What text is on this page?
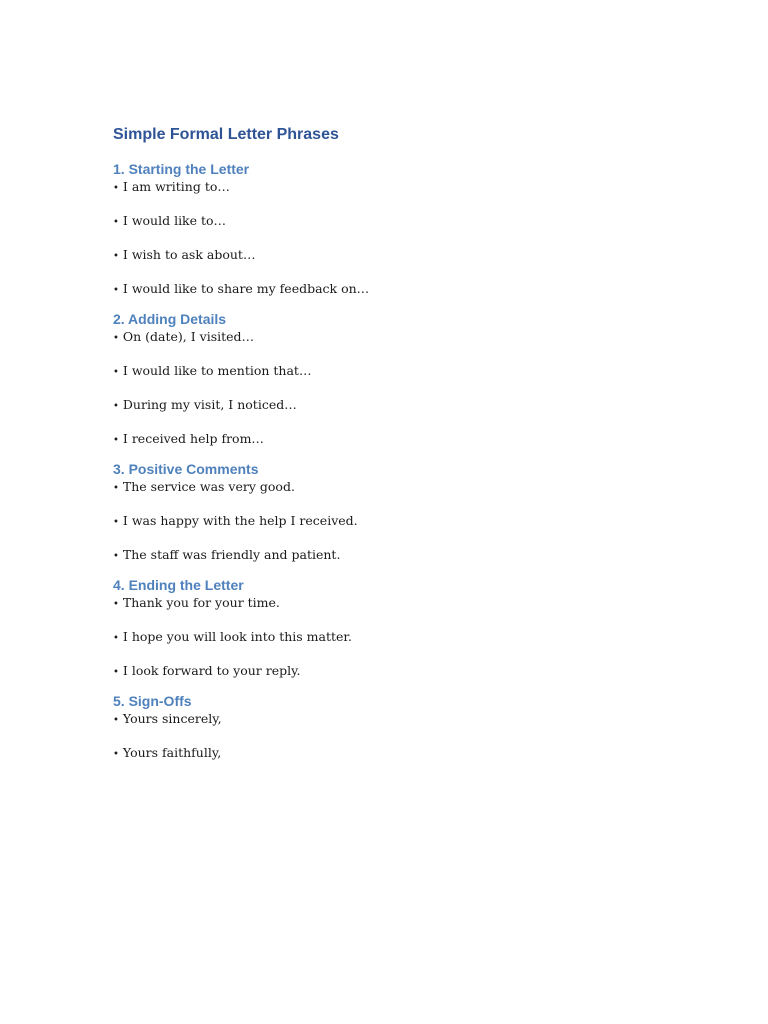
Simple Formal Letter Phrases
1. Starting the Letter
• I am writing to…
• I would like to…
• I wish to ask about…
• I would like to share my feedback on…
2. Adding Details
• On (date), I visited…
• I would like to mention that…
• During my visit, I noticed…
• I received help from…
3. Positive Comments
• The service was very good.
• I was happy with the help I received.
• The staff was friendly and patient.
4. Ending the Letter
• Thank you for your time.
• I hope you will look into this matter.
• I look forward to your reply.
5. Sign-Offs
• Yours sincerely,
• Yours faithfully,
